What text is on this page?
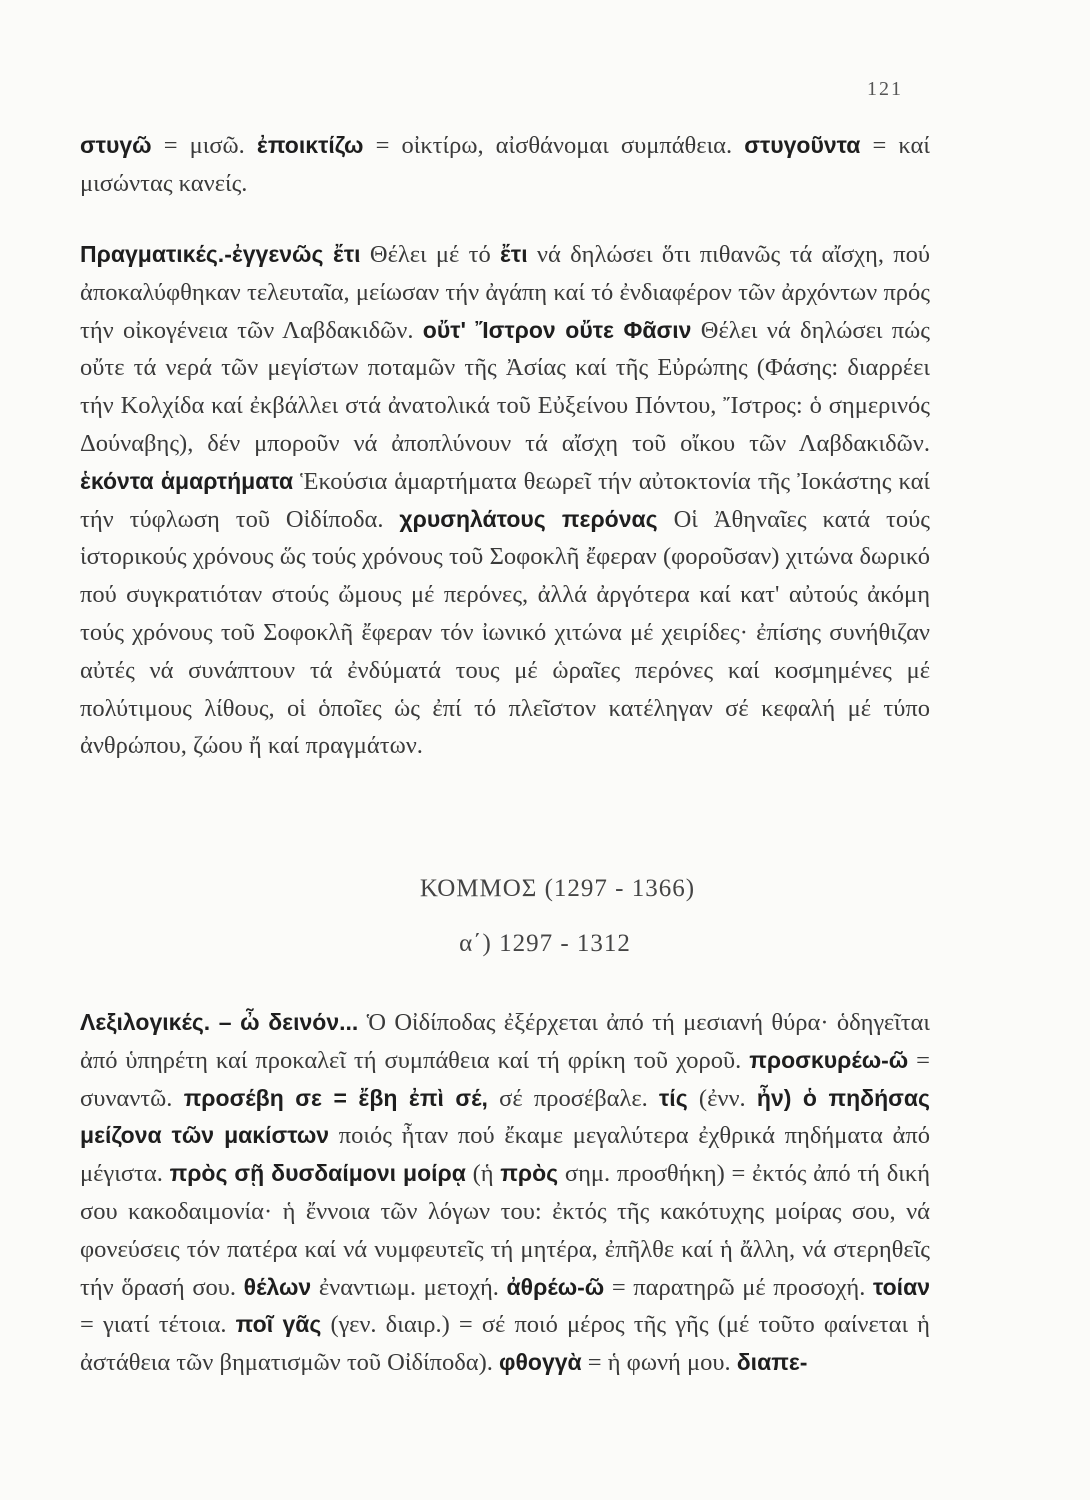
121
στυγῶ = μισῶ. ἐποικτίζω = οἰκτίρω, αἰσθάνομαι συμπάθεια. στυγοῦντα = καί μισώντας κανείς.
Πραγματικές.-ἐγγενῶς ἔτι Θέλει μέ τό ἔτι νά δηλώσει ὅτι πιθανῶς τά αἴσχη, πού ἀποκαλύφθηκαν τελευταῖα, μείωσαν τήν ἀγάπη καί τό ἐνδιαφέρον τῶν ἀρχόντων πρός τήν οἰκογένεια τῶν Λαβδακιδῶν. οὔτ' Ἴστρον οὔτε Φᾶσιν Θέλει νά δηλώσει πώς οὔτε τά νερά τῶν μεγίστων ποταμῶν τῆς Ἀσίας καί τῆς Εὐρώπης (Φάσης: διαρρέει τήν Κολχίδα καί ἐκβάλλει στά ἀνατολικά τοῦ Εὐξείνου Πόντου, Ἴστρος: ὁ σημερινός Δούναβης), δέν μποροῦν νά ἀποπλύνουν τά αἴσχη τοῦ οἴκου τῶν Λαβδακιδῶν. ἑκόντα ἁμαρτήματα Ἑκούσια ἁμαρτήματα θεωρεῖ τήν αὐτοκτονία τῆς Ἰοκάστης καί τήν τύφλωση τοῦ Οἰδίποδα. χρυσηλάτους περόνας Οἱ Ἀθηναῖες κατά τούς ἱστορικούς χρόνους ὥς τούς χρόνους τοῦ Σοφοκλῆ ἔφεραν (φοροῦσαν) χιτώνα δωρικό πού συγκρατιόταν στούς ὤμους μέ περόνες, ἀλλά ἀργότερα καί κατ' αὐτούς ἀκόμη τούς χρόνους τοῦ Σοφοκλῆ ἔφεραν τόν ἰωνικό χιτώνα μέ χειρίδες· ἐπίσης συνήθιζαν αὐτές νά συνάπτουν τά ἐνδύματά τους μέ ὡραῖες περόνες καί κοσμημένες μέ πολύτιμους λίθους, οἱ ὁποῖες ὡς ἐπί τό πλεῖστον κατέληγαν σέ κεφαλή μέ τύπο ἀνθρώπου, ζώου ἤ καί πραγμάτων.
ΚΟΜΜΟΣ (1297 - 1366)
α΄) 1297 - 1312
Λεξιλογικές. – ὦ δεινόν... Ὁ Οἰδίποδας ἐξέρχεται ἀπό τή μεσιανή θύρα· ὁδηγεῖται ἀπό ὑπηρέτη καί προκαλεῖ τή συμπάθεια καί τή φρίκη τοῦ χοροῦ. προσκυρέω-ῶ = συναντῶ. προσέβη σε = ἔβη ἐπὶ σέ, σέ προσέβαλε. τίς (ἐνν. ἦν) ὁ πηδήσας μείζονα τῶν μακίστων ποιός ἦταν πού ἔκαμε μεγαλύτερα ἐχθρικά πηδήματα ἀπό μέγιστα. πρὸς σῇ δυσδαίμονι μοίρᾳ (ἡ πρὸς σημ. προσθήκη) = ἐκτός ἀπό τή δική σου κακοδαιμονία· ἡ ἔννοια τῶν λόγων του: ἐκτός τῆς κακότυχης μοίρας σου, νά φονεύσεις τόν πατέρα καί νά νυμφευτεῖς τή μητέρα, ἐπῆλθε καί ἡ ἄλλη, νά στερηθεῖς τήν ὅρασή σου. θέλων ἐναντιωμ. μετοχή. ἀθρέω-ῶ = παρατηρῶ μέ προσοχή. τοίαν = γιατί τέτοια. ποῖ γᾶς (γεν. διαιρ.) = σέ ποιό μέρος τῆς γῆς (μέ τοῦτο φαίνεται ἡ ἀστάθεια τῶν βηματισμῶν τοῦ Οἰδίποδα). φθογγὰ = ἡ φωνή μου. διαπε-
